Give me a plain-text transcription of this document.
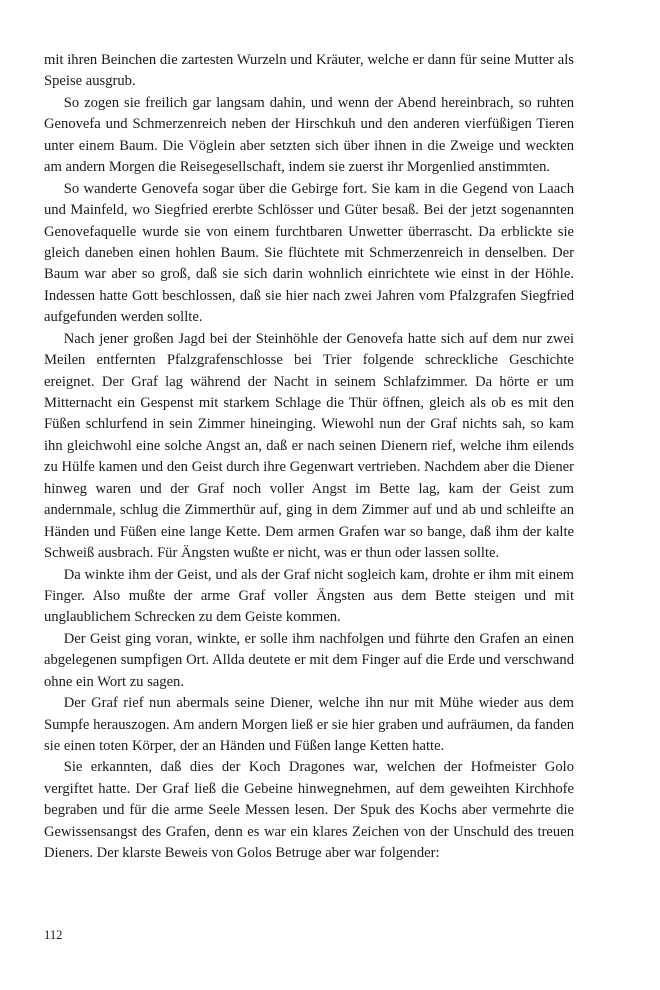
mit ihren Beinchen die zartesten Wurzeln und Kräuter, welche er dann für seine Mutter als Speise ausgrub.

So zogen sie freilich gar langsam dahin, und wenn der Abend hereinbrach, so ruhten Genovefa und Schmerzenreich neben der Hirschkuh und den anderen vierfüßigen Tieren unter einem Baum. Die Vöglein aber setzten sich über ihnen in die Zweige und weckten am andern Morgen die Reisegesellschaft, indem sie zuerst ihr Morgenlied anstimmten.

So wanderte Genovefa sogar über die Gebirge fort. Sie kam in die Gegend von Laach und Mainfeld, wo Siegfried ererbte Schlösser und Güter besaß. Bei der jetzt sogenannten Genovefaquelle wurde sie von einem furchtbaren Unwetter überrascht. Da erblickte sie gleich daneben einen hohlen Baum. Sie flüchtete mit Schmerzenreich in denselben. Der Baum war aber so groß, daß sie sich darin wohnlich einrichtete wie einst in der Höhle. Indessen hatte Gott beschlossen, daß sie hier nach zwei Jahren vom Pfalzgrafen Siegfried aufgefunden werden sollte.

Nach jener großen Jagd bei der Steinhöhle der Genovefa hatte sich auf dem nur zwei Meilen entfernten Pfalzgrafenschlosse bei Trier folgende schreckliche Geschichte ereignet. Der Graf lag während der Nacht in seinem Schlafzimmer. Da hörte er um Mitternacht ein Gespenst mit starkem Schlage die Thür öffnen, gleich als ob es mit den Füßen schlurfend in sein Zimmer hineinging. Wiewohl nun der Graf nichts sah, so kam ihn gleichwohl eine solche Angst an, daß er nach seinen Dienern rief, welche ihm eilends zu Hülfe kamen und den Geist durch ihre Gegenwart vertrieben. Nachdem aber die Diener hinweg waren und der Graf noch voller Angst im Bette lag, kam der Geist zum andernmale, schlug die Zimmerthür auf, ging in dem Zimmer auf und ab und schleifte an Händen und Füßen eine lange Kette. Dem armen Grafen war so bange, daß ihm der kalte Schweiß ausbrach. Für Ängsten wußte er nicht, was er thun oder lassen sollte.

Da winkte ihm der Geist, und als der Graf nicht sogleich kam, drohte er ihm mit einem Finger. Also mußte der arme Graf voller Ängsten aus dem Bette steigen und mit unglaublichem Schrecken zu dem Geiste kommen.

Der Geist ging voran, winkte, er solle ihm nachfolgen und führte den Grafen an einen abgelegenen sumpfigen Ort. Allda deutete er mit dem Finger auf die Erde und verschwand ohne ein Wort zu sagen.

Der Graf rief nun abermals seine Diener, welche ihn nur mit Mühe wieder aus dem Sumpfe herauszogen. Am andern Morgen ließ er sie hier graben und aufräumen, da fanden sie einen toten Körper, der an Händen und Füßen lange Ketten hatte.

Sie erkannten, daß dies der Koch Dragones war, welchen der Hofmeister Golo vergiftet hatte. Der Graf ließ die Gebeine hinwegnehmen, auf dem geweihten Kirchhofe begraben und für die arme Seele Messen lesen. Der Spuk des Kochs aber vermehrte die Gewissensangst des Grafen, denn es war ein klares Zeichen von der Unschuld des treuen Dieners. Der klarste Beweis von Golos Betruge aber war folgender:

112
